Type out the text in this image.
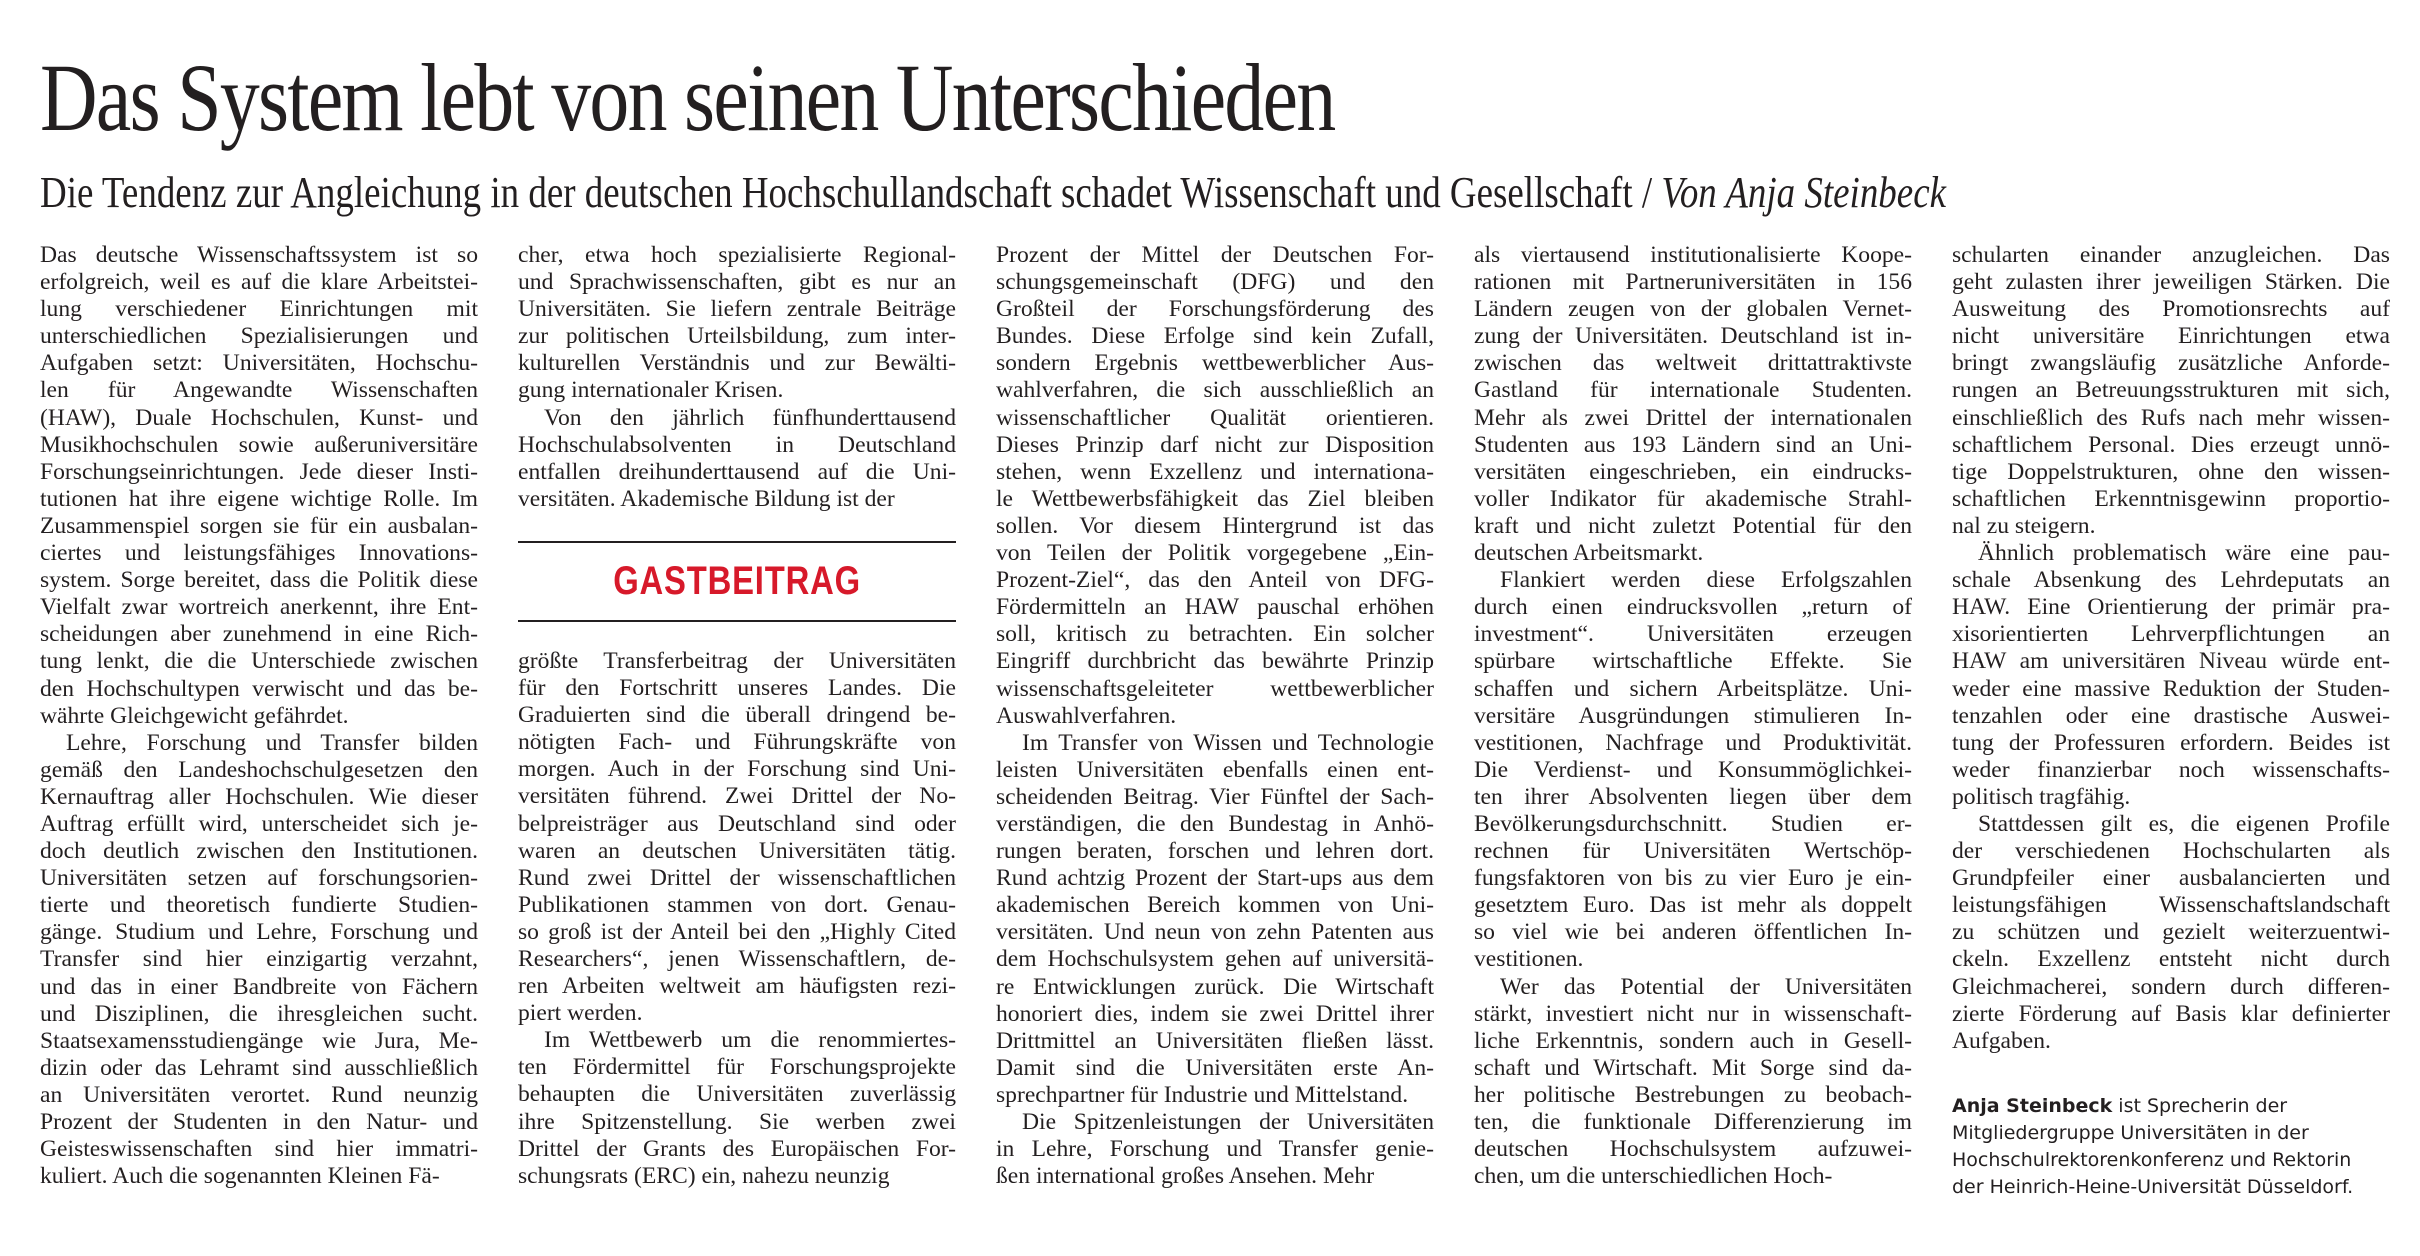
Das System lebt von seinen Unterschieden
Die Tendenz zur Angleichung in der deutschen Hochschullandschaft schadet Wissenschaft und Gesellschaft / Von Anja Steinbeck

Das deutsche Wissenschaftssystem ist so
erfolgreich, weil es auf die klare Arbeitstei-
lung verschiedener Einrichtungen mit
unterschiedlichen Spezialisierungen und
Aufgaben setzt: Universitäten, Hochschu-
len für Angewandte Wissenschaften
(HAW), Duale Hochschulen, Kunst- und
Musikhochschulen sowie außeruniversitäre
Forschungseinrichtungen. Jede dieser Insti-
tutionen hat ihre eigene wichtige Rolle. Im
Zusammenspiel sorgen sie für ein ausbalan-
ciertes und leistungsfähiges Innovations-
system. Sorge bereitet, dass die Politik diese
Vielfalt zwar wortreich anerkennt, ihre Ent-
scheidungen aber zunehmend in eine Rich-
tung lenkt, die die Unterschiede zwischen
den Hochschultypen verwischt und das be-
währte Gleichgewicht gefährdet.

Lehre, Forschung und Transfer bilden
gemäß den Landeshochschulgesetzen den
Kernauftrag aller Hochschulen. Wie dieser
Auftrag erfüllt wird, unterscheidet sich je-
doch deutlich zwischen den Institutionen.
Universitäten setzen auf forschungsorien-
tierte und theoretisch fundierte Studien-
gänge. Studium und Lehre, Forschung und
Transfer sind hier einzigartig verzahnt,
und das in einer Bandbreite von Fächern
und Disziplinen, die ihresgleichen sucht.
Staatsexamensstudiengänge wie Jura, Me-
dizin oder das Lehramt sind ausschließlich
an Universitäten verortet. Rund neunzig
Prozent der Studenten in den Natur- und
Geisteswissenschaften sind hier immatri-
kuliert. Auch die sogenannten Kleinen Fä-

cher, etwa hoch spezialisierte Regional-
und Sprachwissenschaften, gibt es nur an
Universitäten. Sie liefern zentrale Beiträge
zur politischen Urteilsbildung, zum inter-
kulturellen Verständnis und zur Bewälti-
gung internationaler Krisen.

Von den jährlich fünfhunderttausend
Hochschulabsolventen in Deutschland
entfallen dreihunderttausend auf die Uni-
versitäten. Akademische Bildung ist der

GASTBEITRAG

größte Transferbeitrag der Universitäten
für den Fortschritt unseres Landes. Die
Graduierten sind die überall dringend be-
nötigten Fach- und Führungskräfte von
morgen. Auch in der Forschung sind Uni-
versitäten führend. Zwei Drittel der No-
belpreisträger aus Deutschland sind oder
waren an deutschen Universitäten tätig.
Rund zwei Drittel der wissenschaftlichen
Publikationen stammen von dort. Genau-
so groß ist der Anteil bei den „Highly Cited
Researchers“, jenen Wissenschaftlern, de-
ren Arbeiten weltweit am häufigsten rezi-
piert werden.

Im Wettbewerb um die renommiertes-
ten Fördermittel für Forschungsprojekte
behaupten die Universitäten zuverlässig
ihre Spitzenstellung. Sie werben zwei
Drittel der Grants des Europäischen For-
schungsrats (ERC) ein, nahezu neunzig

Prozent der Mittel der Deutschen For-
schungsgemeinschaft (DFG) und den
Großteil der Forschungsförderung des
Bundes. Diese Erfolge sind kein Zufall,
sondern Ergebnis wettbewerblicher Aus-
wahlverfahren, die sich ausschließlich an
wissenschaftlicher Qualität orientieren.
Dieses Prinzip darf nicht zur Disposition
stehen, wenn Exzellenz und internationa-
le Wettbewerbsfähigkeit das Ziel bleiben
sollen. Vor diesem Hintergrund ist das
von Teilen der Politik vorgegebene „Ein-
Prozent-Ziel“, das den Anteil von DFG-
Fördermitteln an HAW pauschal erhöhen
soll, kritisch zu betrachten. Ein solcher
Eingriff durchbricht das bewährte Prinzip
wissenschaftsgeleiteter wettbewerblicher
Auswahlverfahren.

Im Transfer von Wissen und Technologie
leisten Universitäten ebenfalls einen ent-
scheidenden Beitrag. Vier Fünftel der Sach-
verständigen, die den Bundestag in Anhö-
rungen beraten, forschen und lehren dort.
Rund achtzig Prozent der Start-ups aus dem
akademischen Bereich kommen von Uni-
versitäten. Und neun von zehn Patenten aus
dem Hochschulsystem gehen auf universitä-
re Entwicklungen zurück. Die Wirtschaft
honoriert dies, indem sie zwei Drittel ihrer
Drittmittel an Universitäten fließen lässt.
Damit sind die Universitäten erste An-
sprechpartner für Industrie und Mittelstand.

Die Spitzenleistungen der Universitäten
in Lehre, Forschung und Transfer genie-
ßen international großes Ansehen. Mehr

als viertausend institutionalisierte Koope-
rationen mit Partneruniversitäten in 156
Ländern zeugen von der globalen Vernet-
zung der Universitäten. Deutschland ist in-
zwischen das weltweit drittattraktivste
Gastland für internationale Studenten.
Mehr als zwei Drittel der internationalen
Studenten aus 193 Ländern sind an Uni-
versitäten eingeschrieben, ein eindrucks-
voller Indikator für akademische Strahl-
kraft und nicht zuletzt Potential für den
deutschen Arbeitsmarkt.

Flankiert werden diese Erfolgszahlen
durch einen eindrucksvollen „return of
investment“. Universitäten erzeugen
spürbare wirtschaftliche Effekte. Sie
schaffen und sichern Arbeitsplätze. Uni-
versitäre Ausgründungen stimulieren In-
vestitionen, Nachfrage und Produktivität.
Die Verdienst- und Konsummöglichkei-
ten ihrer Absolventen liegen über dem
Bevölkerungsdurchschnitt. Studien er-
rechnen für Universitäten Wertschöp-
fungsfaktoren von bis zu vier Euro je ein-
gesetztem Euro. Das ist mehr als doppelt
so viel wie bei anderen öffentlichen In-
vestitionen.

Wer das Potential der Universitäten
stärkt, investiert nicht nur in wissenschaft-
liche Erkenntnis, sondern auch in Gesell-
schaft und Wirtschaft. Mit Sorge sind da-
her politische Bestrebungen zu beobach-
ten, die funktionale Differenzierung im
deutschen Hochschulsystem aufzuwei-
chen, um die unterschiedlichen Hoch-

schularten einander anzugleichen. Das
geht zulasten ihrer jeweiligen Stärken. Die
Ausweitung des Promotionsrechts auf
nicht universitäre Einrichtungen etwa
bringt zwangsläufig zusätzliche Anforde-
rungen an Betreuungsstrukturen mit sich,
einschließlich des Rufs nach mehr wissen-
schaftlichem Personal. Dies erzeugt unnö-
tige Doppelstrukturen, ohne den wissen-
schaftlichen Erkenntnisgewinn proportio-
nal zu steigern.

Ähnlich problematisch wäre eine pau-
schale Absenkung des Lehrdeputats an
HAW. Eine Orientierung der primär pra-
xisorientierten Lehrverpflichtungen an
HAW am universitären Niveau würde ent-
weder eine massive Reduktion der Studen-
tenzahlen oder eine drastische Auswei-
tung der Professuren erfordern. Beides ist
weder finanzierbar noch wissenschafts-
politisch tragfähig.

Stattdessen gilt es, die eigenen Profile
der verschiedenen Hochschularten als
Grundpfeiler einer ausbalancierten und
leistungsfähigen Wissenschaftslandschaft
zu schützen und gezielt weiterzuentwi-
ckeln. Exzellenz entsteht nicht durch
Gleichmacherei, sondern durch differen-
zierte Förderung auf Basis klar definierter
Aufgaben.

Anja Steinbeck ist Sprecherin der
Mitgliedergruppe Universitäten in der
Hochschulrektorenkonferenz und Rektorin
der Heinrich-Heine-Universität Düsseldorf.
